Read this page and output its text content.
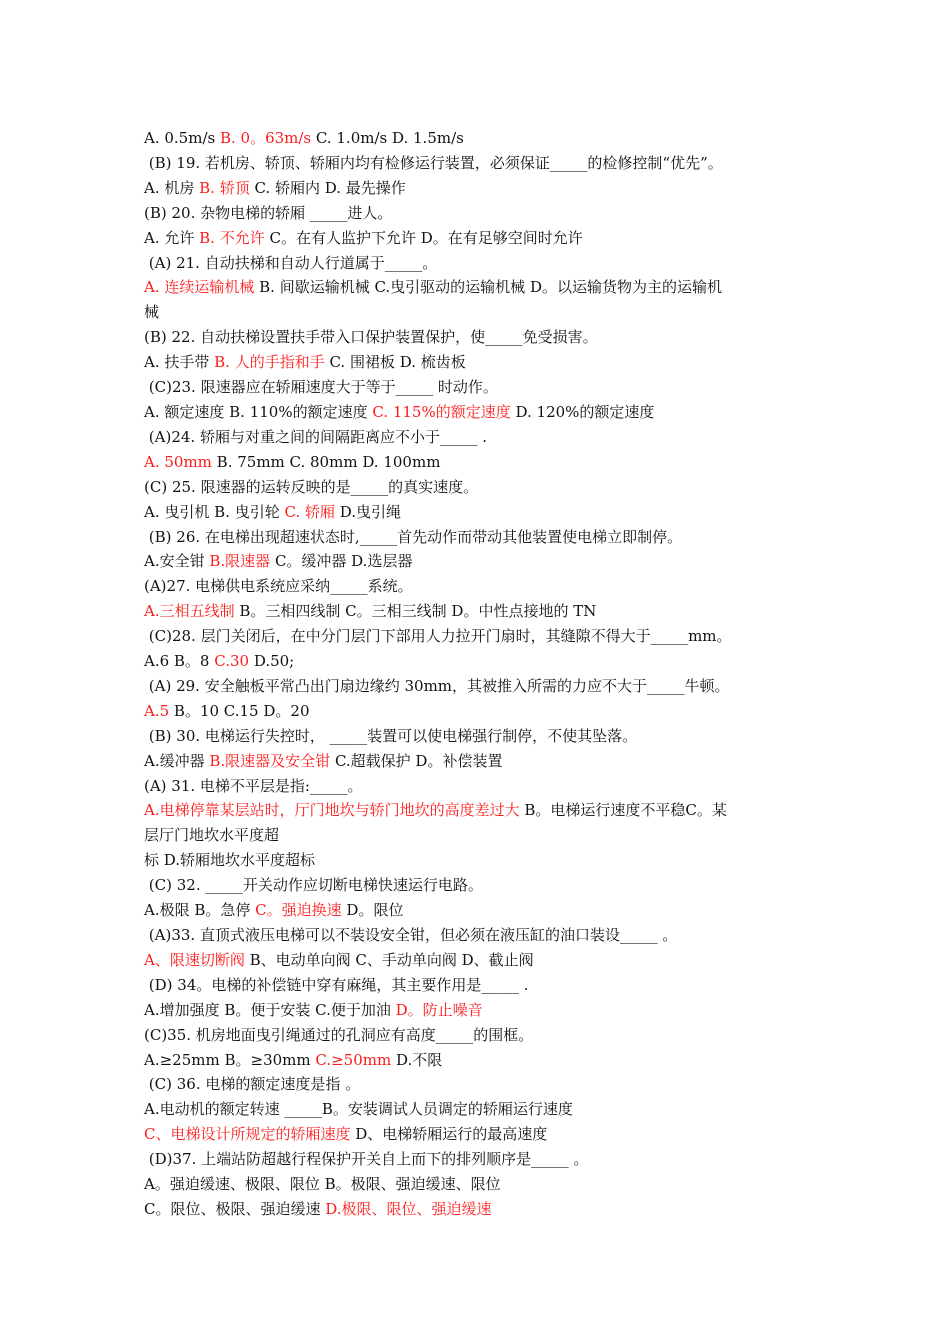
A. 0.5m/s B. 0。63m/s C. 1.0m/s D. 1.5m/s
(B) 19. 若机房、轿顶、轿厢内均有检修运行装置，必须保证_____的检修控制“优先”。
A. 机房 B. 轿顶 C. 轿厢内 D. 最先操作
(B) 20. 杂物电梯的轿厢 _____进人。
A. 允许 B. 不允许 C。在有人监护下允许 D。在有足够空间时允许
(A) 21. 自动扶梯和自动人行道属于_____。
A. 连续运输机械 B. 间歇运输机械 C.曳引驱动的运输机械 D。以运输货物为主的运输机
械
(B) 22. 自动扶梯设置扶手带入口保护装置保护，使_____免受损害。
A. 扶手带 B. 人的手指和手 C. 围裙板 D. 梳齿板
(C)23. 限速器应在轿厢速度大于等于_____ 时动作。
A. 额定速度 B. 110%的额定速度 C. 115%的额定速度 D. 120%的额定速度
(A)24. 轿厢与对重之间的间隔距离应不小于_____ .
A. 50mm B. 75mm C. 80mm D. 100mm
(C) 25. 限速器的运转反映的是_____的真实速度。
A. 曳引机 B. 曳引轮 C. 轿厢 D.曳引绳
(B) 26. 在电梯出现超速状态时,_____首先动作而带动其他装置使电梯立即制停。
A.安全钳 B.限速器 C。缓冲器 D.选层器
(A)27. 电梯供电系统应采纳_____系统。
A.三相五线制 B。三相四线制 C。三相三线制 D。中性点接地的 TN
(C)28. 层门关闭后，在中分门层门下部用人力拉开门扇时，其缝隙不得大于_____mm。
A.6 B。8 C.30 D.50;
(A) 29. 安全触板平常凸出门扇边缘约 30mm，其被推入所需的力应不大于_____牛顿。
A.5 B。10 C.15 D。20
(B) 30. 电梯运行失控时， _____装置可以使电梯强行制停，不使其坠落。
A.缓冲器 B.限速器及安全钳 C.超载保护 D。补偿装置
(A) 31. 电梯不平层是指:_____。
A.电梯停靠某层站时，厅门地坎与轿门地坎的高度差过大 B。电梯运行速度不平稳C。某
层厅门地坎水平度超
标 D.轿厢地坎水平度超标
(C) 32. _____开关动作应切断电梯快速运行电路。
A.极限 B。急停 C。强迫换速 D。限位
(A)33. 直顶式液压电梯可以不装设安全钳，但必须在液压缸的油口装设_____ 。
A、限速切断阀 B、电动单向阀 C、手动单向阀 D、截止阀
(D) 34。电梯的补偿链中穿有麻绳，其主要作用是_____ .
A.增加强度 B。便于安装 C.便于加油 D。防止噪音
(C)35. 机房地面曳引绳通过的孔洞应有高度_____的围框。
A.≥25mm B。≥30mm C.≥50mm D.不限
(C) 36. 电梯的额定速度是指 。
A.电动机的额定转速 _____B。安装调试人员调定的轿厢运行速度
C、电梯设计所规定的轿厢速度 D、电梯轿厢运行的最高速度
(D)37. 上端站防超越行程保护开关自上而下的排列顺序是_____ 。
A。强迫缓速、极限、限位 B。极限、强迫缓速、限位
C。限位、极限、强迫缓速 D.极限、限位、强迫缓速
